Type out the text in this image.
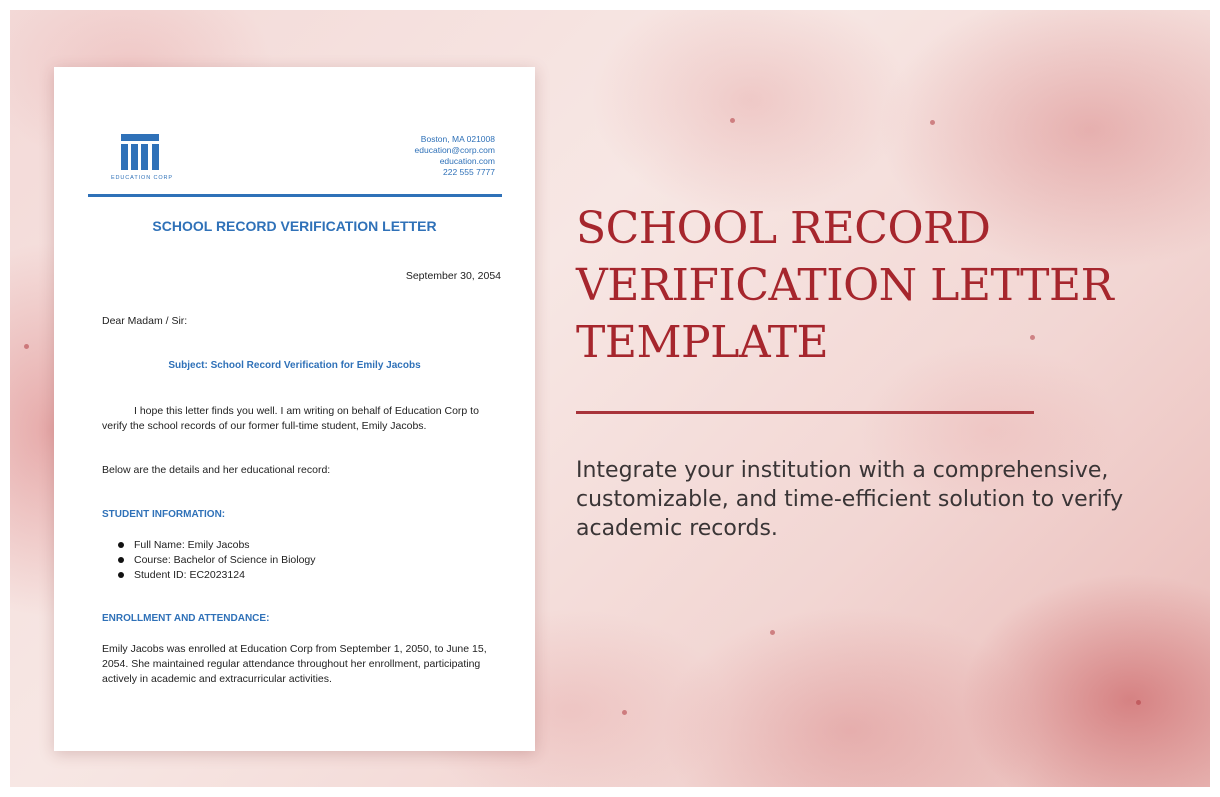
EDUCATION CORP
Boston, MA 021008
education@corp.com
education.com
222 555 7777
SCHOOL RECORD VERIFICATION LETTER
September 30, 2054
Dear Madam / Sir:
Subject: School Record Verification for Emily Jacobs
I hope this letter finds you well. I am writing on behalf of Education Corp to verify the school records of our former full-time student, Emily Jacobs.
Below are the details and her educational record:
STUDENT INFORMATION:
Full Name: Emily Jacobs
Course: Bachelor of Science in Biology
Student ID: EC2023124
ENROLLMENT AND ATTENDANCE:
Emily Jacobs was enrolled at Education Corp from September 1, 2050, to June 15, 2054. She maintained regular attendance throughout her enrollment, participating actively in academic and extracurricular activities.
SCHOOL RECORD
VERIFICATION LETTER
TEMPLATE
Integrate your institution with a comprehensive, customizable, and time-efficient solution to verify academic records.
